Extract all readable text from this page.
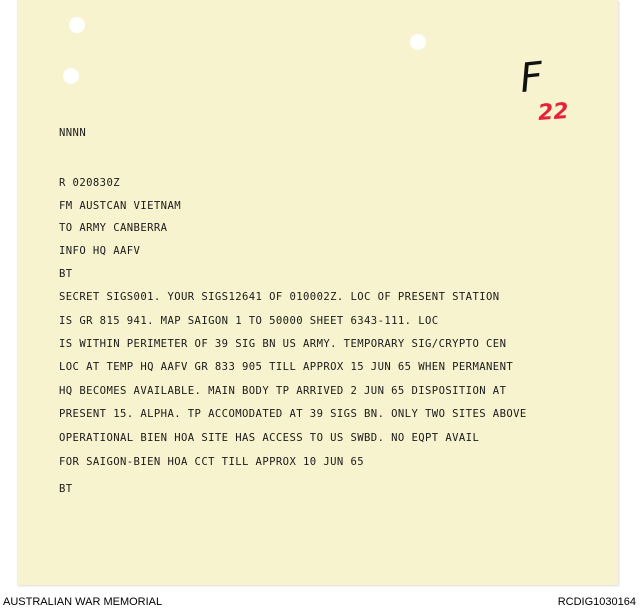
F
22

NNNN

R 020830Z

FM AUSTCAN VIETNAM

TO ARMY CANBERRA

INFO HQ AAFV

BT

SECRET SIGS001. YOUR SIGS12641 OF 010002Z. LOC OF PRESENT STATION

IS GR 815 941. MAP SAIGON 1 TO 50000 SHEET 6343-111. LOC

IS WITHIN PERIMETER OF 39 SIG BN US ARMY. TEMPORARY SIG/CRYPTO CEN

LOC AT TEMP HQ AAFV GR 833 905 TILL APPROX 15 JUN 65 WHEN PERMANENT

HQ BECOMES AVAILABLE. MAIN BODY TP ARRIVED 2 JUN 65 DISPOSITION AT

PRESENT 15. ALPHA. TP ACCOMODATED AT 39 SIGS BN. ONLY TWO SITES ABOVE

OPERATIONAL BIEN HOA SITE HAS ACCESS TO US SWBD. NO EQPT AVAIL

FOR SAIGON-BIEN HOA CCT TILL APPROX 10 JUN 65

BT

AUSTRALIAN WAR MEMORIAL	RCDIG1030164
